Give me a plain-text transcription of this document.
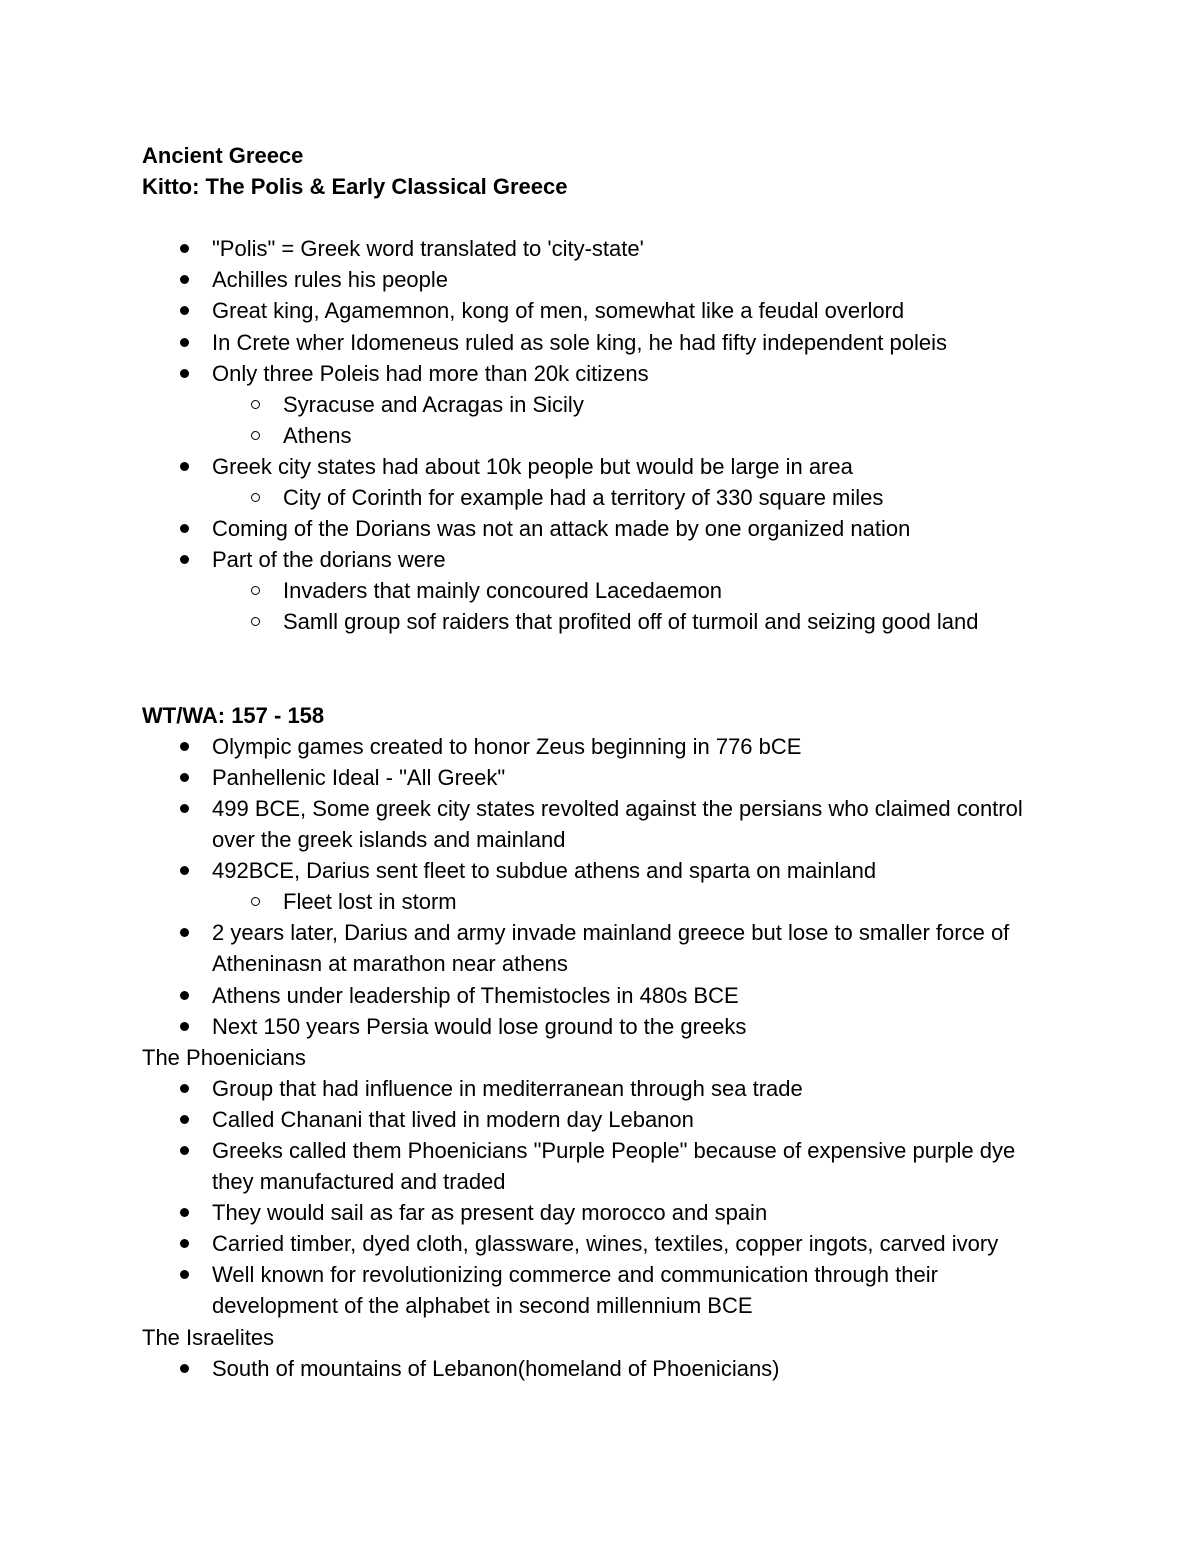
Ancient Greece
Kitto: The Polis & Early Classical Greece
"Polis" = Greek word translated to 'city-state'
Achilles rules his people
Great king, Agamemnon, kong of men, somewhat like a feudal overlord
In Crete wher Idomeneus ruled as sole king, he had fifty independent poleis
Only three Poleis had more than 20k citizens
Syracuse and Acragas in Sicily
Athens
Greek city states had about 10k people but would be large in area
City of Corinth for example had a territory of 330 square miles
Coming of the Dorians was not an attack made by one organized nation
Part of the dorians were
Invaders that mainly concoured Lacedaemon
Samll group sof raiders that profited off of turmoil and seizing good land
WT/WA: 157 - 158
Olympic games created to honor Zeus beginning in 776 bCE
Panhellenic Ideal - "All Greek"
499 BCE, Some greek city states revolted against the persians who claimed control over the greek islands and mainland
492BCE, Darius sent fleet to subdue athens and sparta on mainland
Fleet lost in storm
2 years later, Darius and army invade mainland greece but lose to smaller force of Atheninasn at marathon near athens
Athens under leadership of Themistocles in 480s BCE
Next 150 years Persia would lose ground to the greeks
The Phoenicians
Group that had influence in mediterranean through sea trade
Called Chanani that lived in modern day Lebanon
Greeks called them Phoenicians "Purple People" because of expensive purple dye they manufactured and traded
They would sail as far as present day morocco and spain
Carried timber, dyed cloth, glassware, wines, textiles, copper ingots, carved ivory
Well known for revolutionizing commerce and communication through their development of the alphabet in second millennium BCE
The Israelites
South of mountains of Lebanon(homeland of Phoenicians)
